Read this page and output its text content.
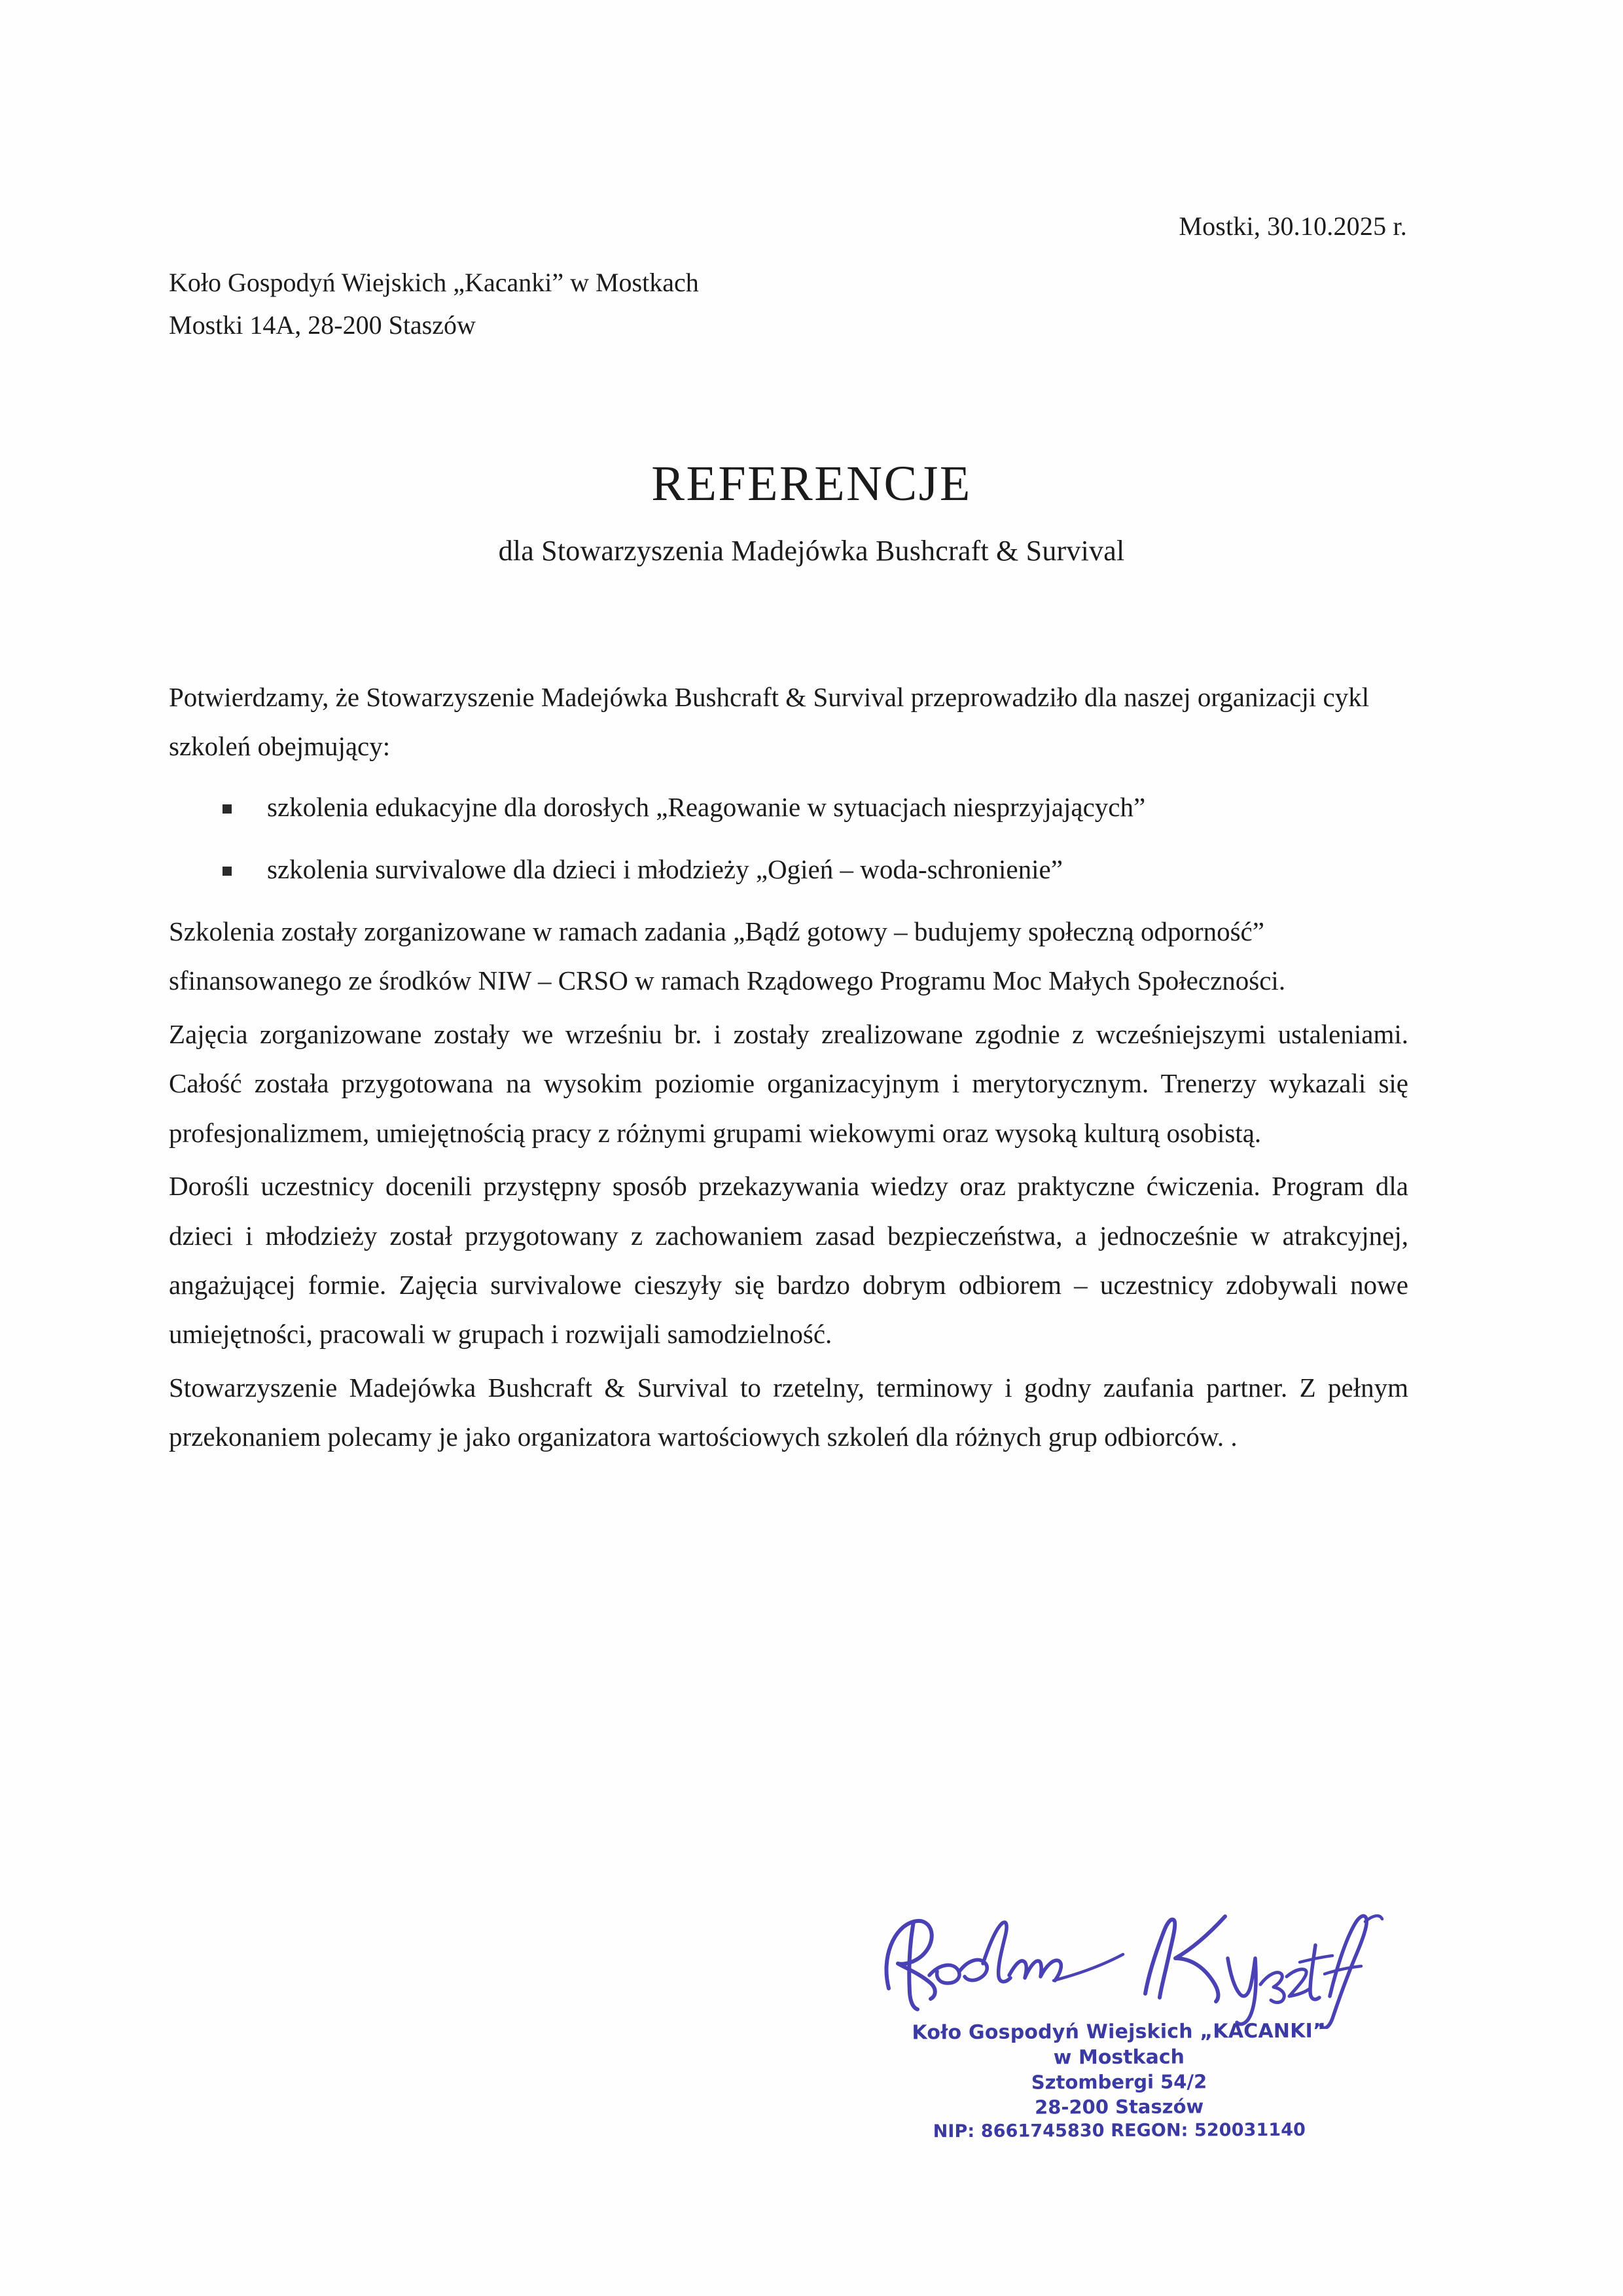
Mostki, 30.10.2025 r.
Koło Gospodyń Wiejskich „Kacanki” w Mostkach
Mostki 14A, 28-200 Staszów
REFERENCJE

dla Stowarzyszenia Madejówka Bushcraft & Survival

Potwierdzamy, że Stowarzyszenie Madejówka Bushcraft & Survival przeprowadziło dla naszej organizacji cykl szkoleń obejmujący:

szkolenia edukacyjne dla dorosłych „Reagowanie w sytuacjach niesprzyjających”
szkolenia survivalowe dla dzieci i młodzieży „Ogień – woda-schronienie”

Szkolenia zostały zorganizowane w ramach zadania „Bądź gotowy – budujemy społeczną odporność” sfinansowanego ze środków NIW – CRSO w ramach Rządowego Programu Moc Małych Społeczności.

Zajęcia zorganizowane zostały we wrześniu br. i zostały zrealizowane zgodnie z wcześniejszymi ustaleniami. Całość została przygotowana na wysokim poziomie organizacyjnym i merytorycznym. Trenerzy wykazali się profesjonalizmem, umiejętnością pracy z różnymi grupami wiekowymi oraz wysoką kulturą osobistą.

Dorośli uczestnicy docenili przystępny sposób przekazywania wiedzy oraz praktyczne ćwiczenia. Program dla dzieci i młodzieży został przygotowany z zachowaniem zasad bezpieczeństwa, a jednocześnie w atrakcyjnej, angażującej formie. Zajęcia survivalowe cieszyły się bardzo dobrym odbiorem – uczestnicy zdobywali nowe umiejętności, pracowali w grupach i rozwijali samodzielność.

Stowarzyszenie Madejówka Bushcraft & Survival to rzetelny, terminowy i godny zaufania partner. Z pełnym przekonaniem polecamy je jako organizatora wartościowych szkoleń dla różnych grup odbiorców. .

Koło Gospodyń Wiejskich „KACANKI”
w Mostkach
Sztombergi 54/2
28-200 Staszów
NIP: 8661745830 REGON: 520031140
